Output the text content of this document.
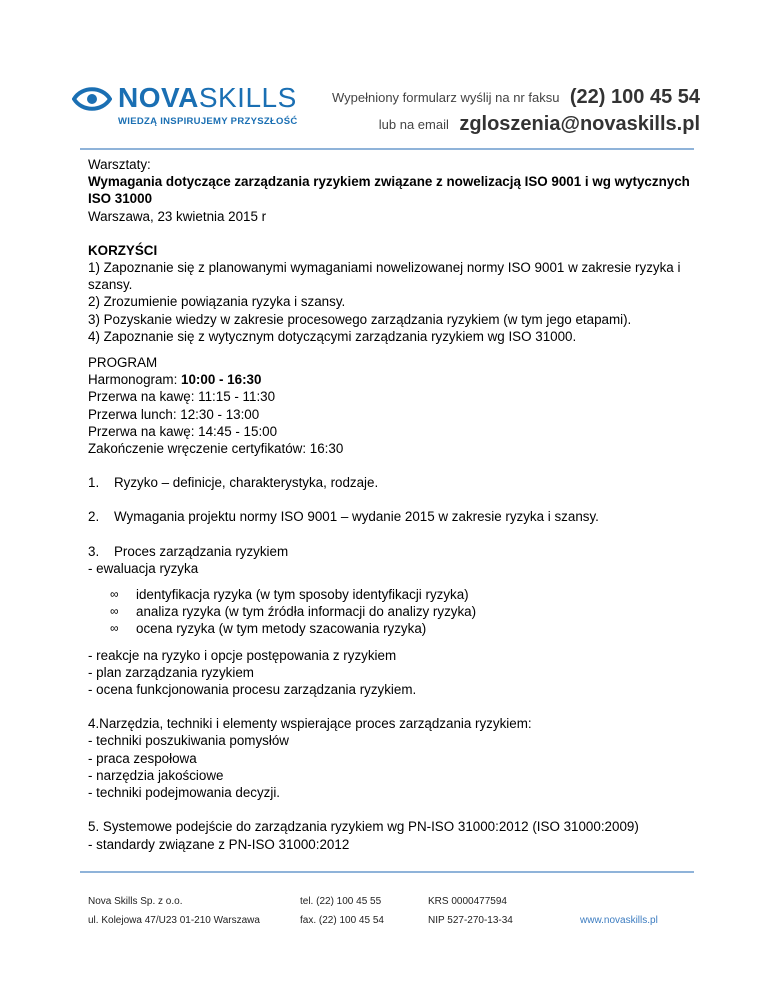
NOVASKILLS
WIEDZĄ INSPIRUJEMY PRZYSZŁOŚĆ
Wypełniony formularz wyślij na nr faksu (22) 100 45 54
lub na email zgloszenia@novaskills.pl

Warsztaty:

Wymagania dotyczące zarządzania ryzykiem związane z nowelizacją ISO 9001 i wg wytycznych ISO 31000

Warszawa, 23 kwietnia 2015 r

KORZYŚCI

1) Zapoznanie się z planowanymi wymaganiami nowelizowanej normy ISO 9001 w zakresie ryzyka i szansy.

2) Zrozumienie powiązania ryzyka i szansy.

3) Pozyskanie wiedzy w zakresie procesowego zarządzania ryzykiem (w tym jego etapami).

4) Zapoznanie się z wytycznym dotyczącymi zarządzania ryzykiem wg ISO 31000.

PROGRAM

Harmonogram: 10:00 - 16:30

Przerwa na kawę: 11:15 - 11:30

Przerwa lunch: 12:30 - 13:00

Przerwa na kawę: 14:45 - 15:00

Zakończenie wręczenie certyfikatów: 16:30

1.	Ryzyko – definicje, charakterystyka, rodzaje.
2.	Wymagania projektu normy ISO 9001 – wydanie 2015 w zakresie ryzyka i szansy.
3.	Proces zarządzania ryzykiem

- ewaluacja ryzyka

∞ identyfikacja ryzyka (w tym sposoby identyfikacji ryzyka)
∞ analiza ryzyka (w tym źródła informacji do analizy ryzyka)
∞ ocena ryzyka (w tym metody szacowania ryzyka)

- reakcje na ryzyko i opcje postępowania z ryzykiem

- plan zarządzania ryzykiem

- ocena funkcjonowania procesu zarządzania ryzykiem.

4.Narzędzia, techniki i elementy wspierające proces zarządzania ryzykiem:

- techniki poszukiwania pomysłów

- praca zespołowa

- narzędzia jakościowe

- techniki podejmowania decyzji.

5. Systemowe podejście do zarządzania ryzykiem wg PN-ISO 31000:2012 (ISO 31000:2009)

- standardy związane z PN-ISO 31000:2012

Nova Skills Sp. z o.o.
ul. Kolejowa 47/U23 01-210 Warszawa
tel. (22) 100 45 55
fax. (22) 100 45 54
KRS 0000477594
NIP 527-270-13-34	www.novaskills.pl
